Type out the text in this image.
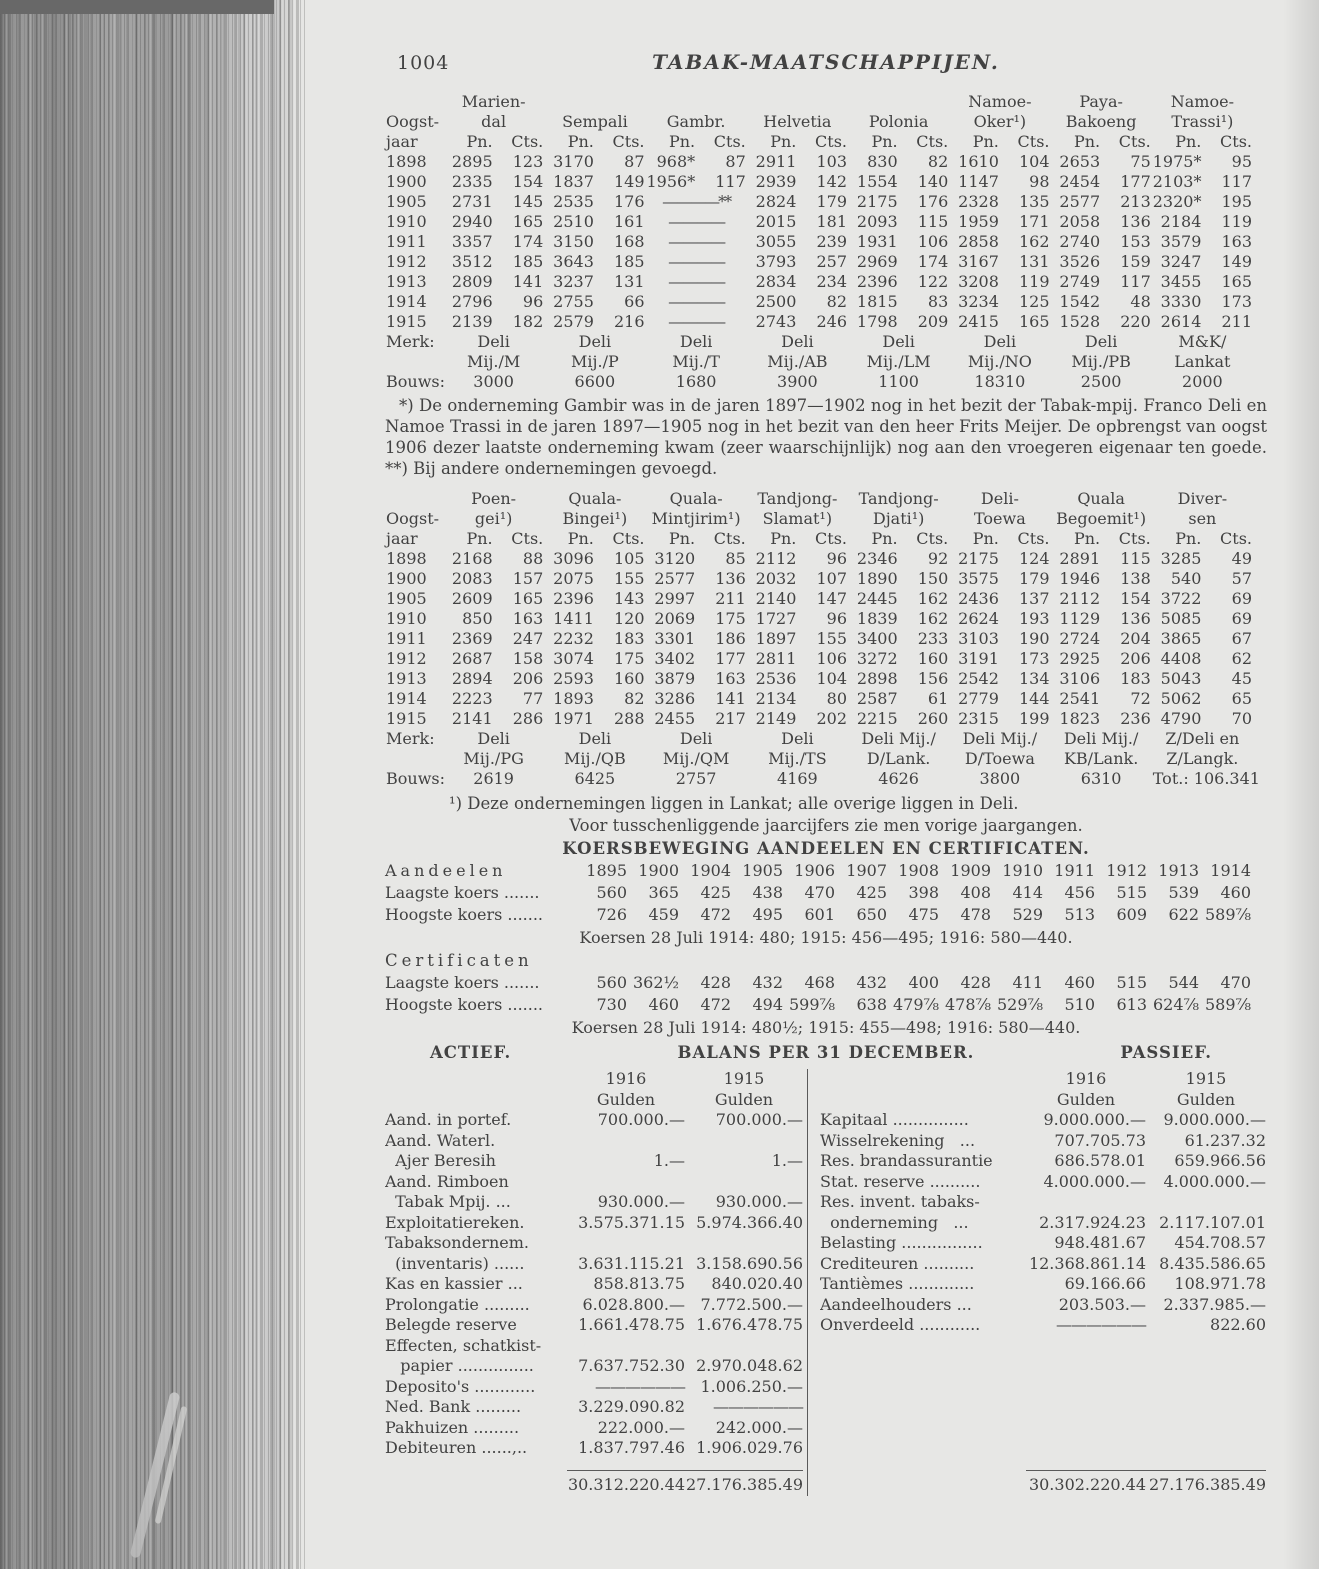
1004	TABAK-MAATSCHAPPIJEN.
	Marien-										Namoe-		Paya-		Namoe-	
Oogst-	dal		Sempali		Gambr.		Helvetia		Polonia		Oker¹)		Bakoeng		Trassi¹)	
jaar	Pn.	Cts.	Pn.	Cts.	Pn.	Cts.	Pn.	Cts.	Pn.	Cts.	Pn.	Cts.	Pn.	Cts.	Pn.	Cts.
1898	2895	123	3170	87	968*	87	2911	103	830	82	1610	104	2653	75	1975*	95
1900	2335	154	1837	149	1956*	117	2939	142	1554	140	1147	98	2454	177	2103*	117
1905	2731	145	2535	176	————**		2824	179	2175	176	2328	135	2577	213	2320*	195
1910	2940	165	2510	161	————		2015	181	2093	115	1959	171	2058	136	2184	119
1911	3357	174	3150	168	————		3055	239	1931	106	2858	162	2740	153	3579	163
1912	3512	185	3643	185	————		3793	257	2969	174	3167	131	3526	159	3247	149
1913	2809	141	3237	131	————		2834	234	2396	122	3208	119	2749	117	3455	165
1914	2796	96	2755	66	————		2500	82	1815	83	3234	125	1542	48	3330	173
1915	2139	182	2579	216	————		2743	246	1798	209	2415	165	1528	220	2614	211
Merk:	Deli		Deli		Deli		Deli		Deli		Deli		Deli		M&K/	
	Mij./M		Mij./P		Mij./T		Mij./AB		Mij./LM		Mij./NO		Mij./PB		Lankat	
Bouws:	3000		6600		1680		3900		1100		18310		2500		2000	

*) De onderneming Gambir was in de jaren 1897—1902 nog in het bezit der Tabak-mpij. Franco Deli en Namoe Trassi in de jaren 1897—1905 nog in het bezit van den heer Frits Meijer. De opbrengst van oogst 1906 dezer laatste onderneming kwam (zeer waarschijnlijk) nog aan den vroegeren eigenaar ten goede. **) Bij andere ondernemingen gevoegd.

	Poen-		Quala-		Quala-		Tandjong-		Tandjong-		Deli-		Quala		Diver-	
Oogst-	gei¹)		Bingei¹)		Mintjirim¹)		Slamat¹)		Djati¹)		Toewa		Begoemit¹)		sen	
jaar	Pn.	Cts.	Pn.	Cts.	Pn.	Cts.	Pn.	Cts.	Pn.	Cts.	Pn.	Cts.	Pn.	Cts.	Pn.	Cts.
1898	2168	88	3096	105	3120	85	2112	96	2346	92	2175	124	2891	115	3285	49
1900	2083	157	2075	155	2577	136	2032	107	1890	150	3575	179	1946	138	540	57
1905	2609	165	2396	143	2997	211	2140	147	2445	162	2436	137	2112	154	3722	69
1910	850	163	1411	120	2069	175	1727	96	1839	162	2624	193	1129	136	5085	69
1911	2369	247	2232	183	3301	186	1897	155	3400	233	3103	190	2724	204	3865	67
1912	2687	158	3074	175	3402	177	2811	106	3272	160	3191	173	2925	206	4408	62
1913	2894	206	2593	160	3879	163	2536	104	2898	156	2542	134	3106	183	5043	45
1914	2223	77	1893	82	3286	141	2134	80	2587	61	2779	144	2541	72	5062	65
1915	2141	286	1971	288	2455	217	2149	202	2215	260	2315	199	1823	236	4790	70
Merk:	Deli		Deli		Deli		Deli		Deli Mij./		Deli Mij./		Deli Mij./		Z/Deli en	
	Mij./PG		Mij./QB		Mij./QM		Mij./TS		D/Lank.		D/Toewa		KB/Lank.		Z/Langk.	
Bouws:	2619		6425		2757		4169		4626		3800		6310		Tot.: 106.341	

¹) Deze ondernemingen liggen in Lankat; alle overige liggen in Deli.

Voor tusschenliggende jaarcijfers zie men vorige jaargangen.

KOERSBEWEGING AANDEELEN EN CERTIFICATEN.
Aandeelen	1895 1900 1904 1905 1906 1907 1908 1909 1910 1911 1912 1913 1914
Laagste koers .......	560	365	425	438	470	425	398	408	414	456	515	539	460
Hoogste koers .......	726	459	472	495	601	650	475	478	529	513	609	622 589⅞
Koersen 28 Juli 1914: 480; 1915: 456—495; 1916: 580—440.
Certificaten
Laagste koers .......	560 362½	428	432	468	432	400	428	411	460	515	544	470
Hoogste koers .......	730	460	472	494 599⅞	638 479⅞ 478⅞ 529⅞	510	613 624⅞ 589⅞
Koersen 28 Juli 1914: 480½; 1915: 455—498; 1916: 580—440.
ACTIEF.	BALANS PER 31 DECEMBER.	PASSIEF.
1916	1915
Gulden	Gulden
Aand. in portef.	700.000.—	700.000.—
Aand. Waterl.
Ajer Beresih	1.—	1.—
Aand. Rimboen
Tabak Mpij. ...	930.000.—	930.000.—
Exploitatiereken.	3.575.371.15 5.974.366.40
Tabaksondernem.
(inventaris) ......	3.631.115.21 3.158.690.56
Kas en kassier ...	858.813.75	840.020.40
Prolongatie .........	6.028.800.— 7.772.500.—
Belegde reserve	1.661.478.75 1.676.478.75
Effecten, schatkist-
papier ...............	7.637.752.30 2.970.048.62
Deposito's ............	—————— 1.006.250.—
Ned. Bank .........	3.229.090.82	——————
Pakhuizen .........	222.000.—	242.000.—
Debiteuren ......,..	1.837.797.46 1.906.029.76
30.312.220.44 27.176.385.49
1916	1915
Gulden	Gulden
Kapitaal ...............	9.000.000.—	9.000.000.—
Wisselrekening   ...	707.705.73	61.237.32
Res. brandassurantie	686.578.01	659.966.56
Stat. reserve ..........	4.000.000.—	4.000.000.—
Res. invent. tabaks-
onderneming   ...	2.317.924.23 2.117.107.01
Belasting ................	948.481.67	454.708.57
Crediteuren ..........	12.368.861.14 8.435.586.65
Tantièmes .............	69.166.66	108.971.78
Aandeelhouders ...	203.503.—	2.337.985.—
Onverdeeld ............	——————	822.60
30.302.220.44 27.176.385.49
